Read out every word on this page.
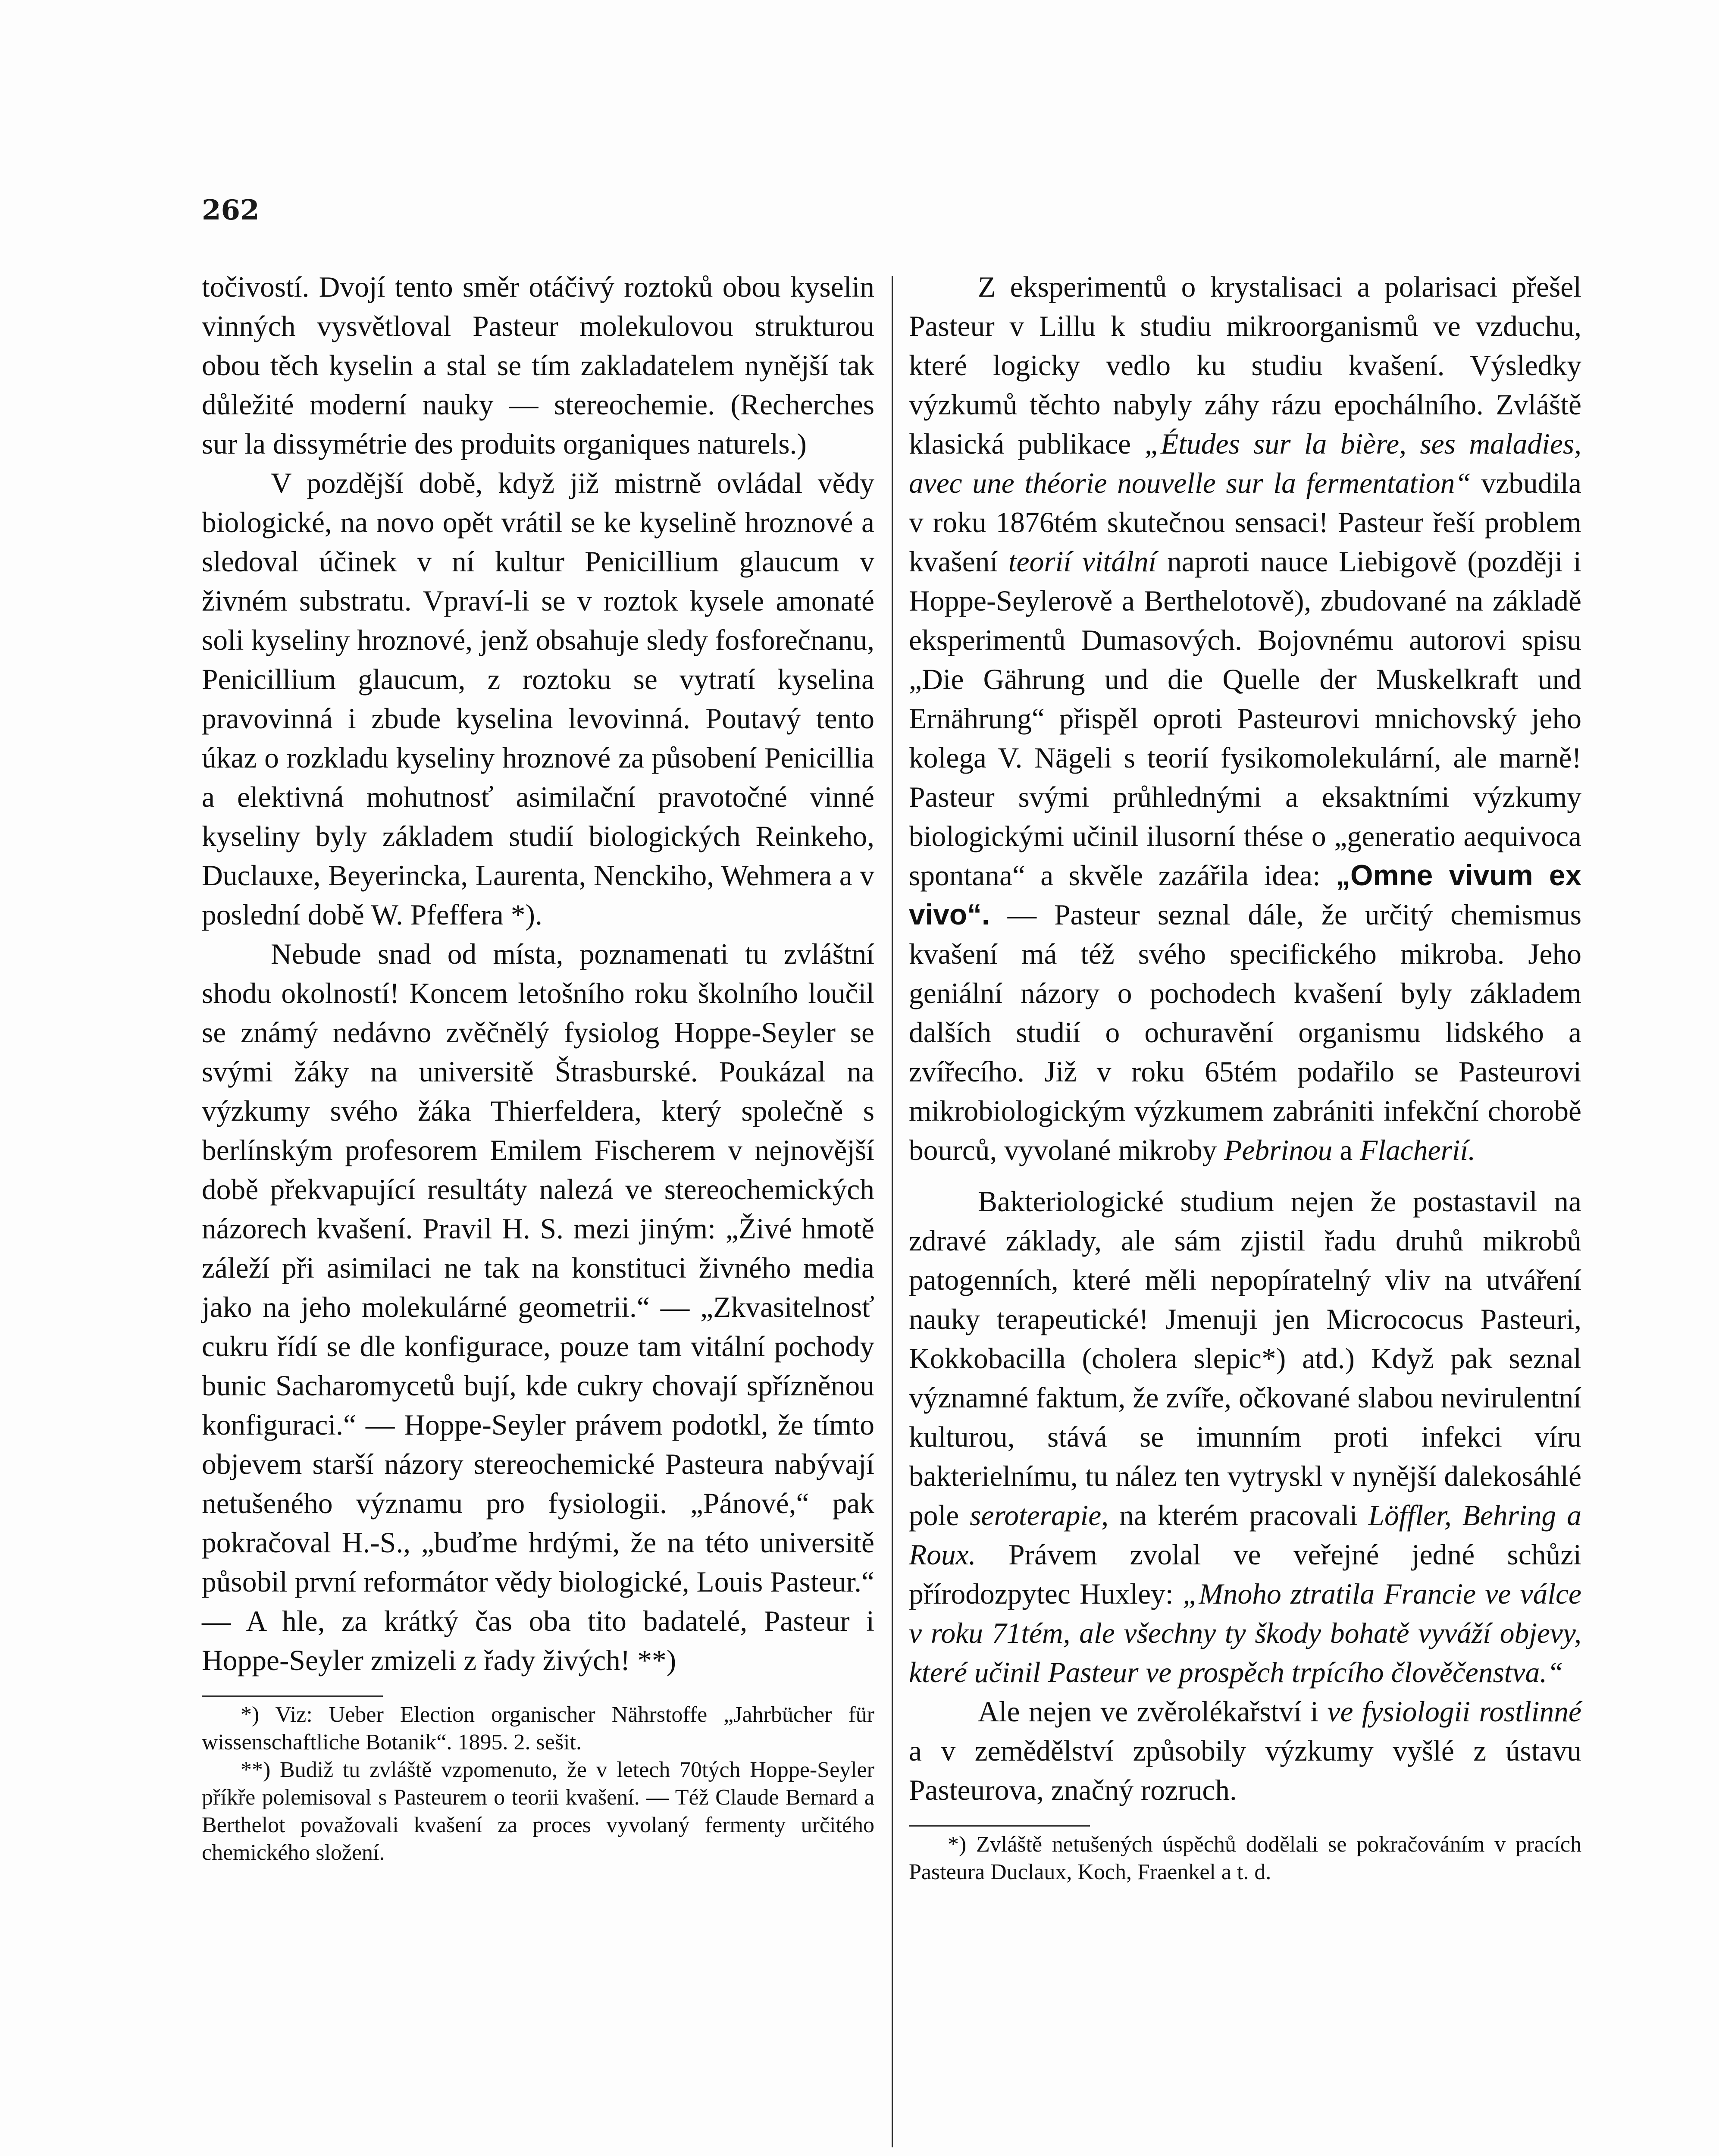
262

točivostí. Dvojí tento směr otáčivý roztoků obou kyselin vinných vysvětloval Pasteur molekulovou strukturou obou těch kyselin a stal se tím zakladatelem nynější tak důležité moderní nauky — stereochemie. (Recherches sur la dissymétrie des produits organiques naturels.)

V pozdější době, když již mistrně ovládal vědy biologické, na novo opět vrátil se ke kyselině hroznové a sledoval účinek v ní kultur Penicillium glaucum v živném substratu. Vpraví-li se v roztok kysele amonaté soli kyseliny hroznové, jenž obsahuje sledy fosforečnanu, Penicillium glaucum, z roztoku se vytratí kyselina pravovinná i zbude kyselina levovinná. Poutavý tento úkaz o rozkladu kyseliny hroznové za působení Penicillia a elektivná mohutnosť asimilační pravotočné vinné kyseliny byly základem studií biologických Reinkeho, Duclauxe, Beyerincka, Laurenta, Nenckiho, Wehmera a v poslední době W. Pfeffera *).

Nebude snad od místa, poznamenati tu zvláštní shodu okolností! Koncem letošního roku školního loučil se známý nedávno zvěčnělý fysiolog Hoppe-Seyler se svými žáky na universitě Štrasburské. Poukázal na výzkumy svého žáka Thierfeldera, který společně s berlínským profesorem Emilem Fischerem v nejnovější době překvapující resultáty nalezá ve stereochemických názorech kvašení. Pravil H. S. mezi jiným: „Živé hmotě záleží při asimilaci ne tak na konstituci živného media jako na jeho molekulárné geometrii.“ — „Zkvasitelnosť cukru řídí se dle konfigurace, pouze tam vitální pochody bunic Sacharomycetů bují, kde cukry chovají spřízněnou konfiguraci.“ — Hoppe-Seyler právem podotkl, že tímto objevem starší názory stereochemické Pasteura nabývají netušeného významu pro fysiologii. „Pánové,“ pak pokračoval H.-S., „buďme hrdými, že na této universitě působil první reformátor vědy biologické, Louis Pasteur.“ — A hle, za krátký čas oba tito badatelé, Pasteur i Hoppe-Seyler zmizeli z řady živých! **)

*) Viz: Ueber Election organischer Nährstoffe „Jahrbücher für wissenschaftliche Botanik“. 1895. 2. sešit.

**) Budiž tu zvláště vzpomenuto, že v letech 70tých Hoppe-Seyler příkře polemisoval s Pasteurem o teorii kvašení. — Též Claude Bernard a Berthelot považovali kvašení za proces vyvolaný fermenty určitého chemického složení.

Z eksperimentů o krystalisaci a polarisaci přešel Pasteur v Lillu k studiu mikroorganismů ve vzduchu, které logicky vedlo ku studiu kvašení. Výsledky výzkumů těchto nabyly záhy rázu epochálního. Zvláště klasická publikace „Études sur la bière, ses maladies, avec une théorie nouvelle sur la fermentation“ vzbudila v roku 1876tém skutečnou sensaci! Pasteur řeší problem kvašení teorií vitální naproti nauce Liebigově (později i Hoppe-Seylerově a Berthelotově), zbudované na základě eksperimentů Dumasových. Bojovnému autorovi spisu „Die Gährung und die Quelle der Muskelkraft und Ernährung“ přispěl oproti Pasteurovi mnichovský jeho kolega V. Nägeli s teorií fysikomolekulární, ale marně! Pasteur svými průhlednými a eksaktními výzkumy biologickými učinil ilusorní thése o „generatio aequivoca spontana“ a skvěle zazářila idea: „Omne vivum ex vivo“. — Pasteur seznal dále, že určitý chemismus kvašení má též svého specifického mikroba. Jeho geniální názory o pochodech kvašení byly základem dalších studií o ochuravění organismu lidského a zvířecího. Již v roku 65tém podařilo se Pasteurovi mikrobiologickým výzkumem zabrániti infekční chorobě bourců, vyvolané mikroby Pebrinou a Flacherií.

Bakteriologické studium nejen že postastavil na zdravé základy, ale sám zjistil řadu druhů mikrobů patogenních, které měli nepopíratelný vliv na utváření nauky terapeutické! Jmenuji jen Micrococus Pasteuri, Kokkobacilla (cholera slepic*) atd.) Když pak seznal významné faktum, že zvíře, očkované slabou nevirulentní kulturou, stává se imunním proti infekci víru bakterielnímu, tu nález ten vytryskl v nynější dalekosáhlé pole seroterapie, na kterém pracovali Löffler, Behring a Roux. Právem zvolal ve veřejné jedné schůzi přírodozpytec Huxley: „Mnoho ztratila Francie ve válce v roku 71tém, ale všechny ty škody bohatě vyváží objevy, které učinil Pasteur ve prospěch trpícího člověčenstva.“

Ale nejen ve zvěrolékařství i ve fysiologii rostlinné a v zemědělství způsobily výzkumy vyšlé z ústavu Pasteurova, značný rozruch.

*) Zvláště netušených úspěchů dodělali se pokračováním v pracích Pasteura Duclaux, Koch, Fraenkel a t. d.
